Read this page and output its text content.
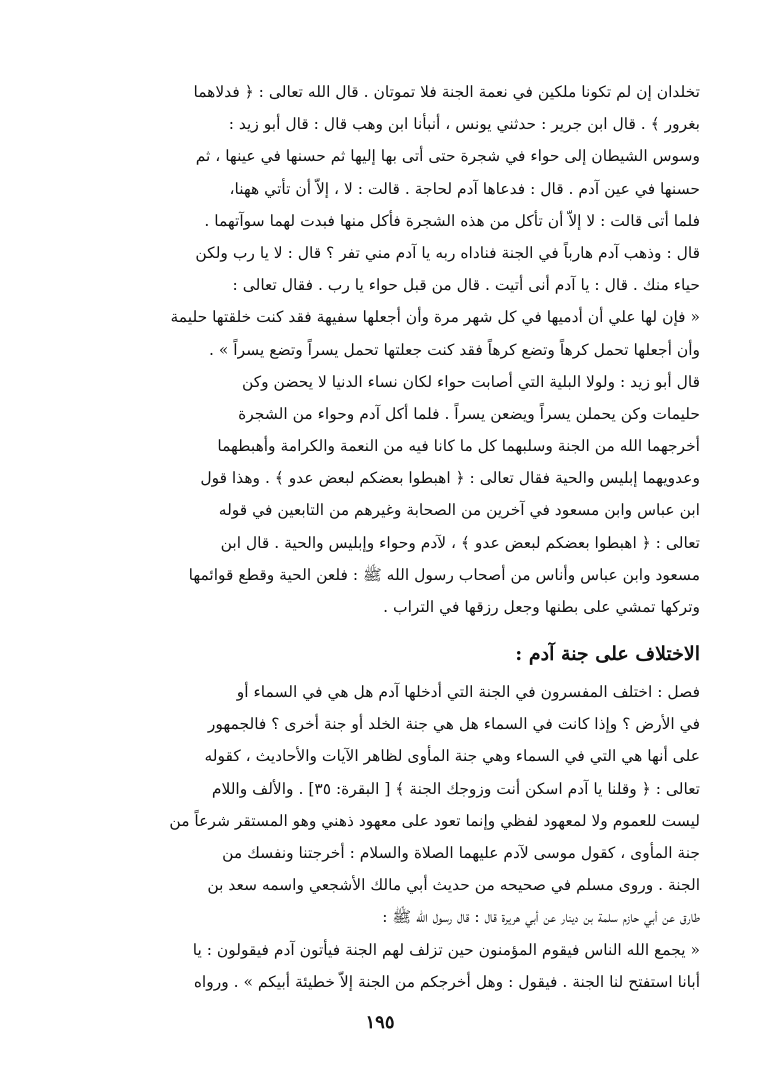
تخلدان إن لم تكونا ملكين في نعمة الجنة فلا تموتان . قال الله تعالى : ﴿ فدلاهما
بغرور ﴾ . قال ابن جرير : حدثني يونس ، أنبأنا ابن وهب قال : قال أبو زيد :
وسوس الشيطان إلى حواء في شجرة حتى أتى بها إليها ثم حسنها في عينها ، ثم
حسنها في عين آدم . قال : فدعاها آدم لحاجة . قالت : لا ، إلاّ أن تأتي ههنا،
فلما أتى قالت : لا إلاّ أن تأكل من هذه الشجرة فأكل منها فبدت لهما سوآتهما .
قال : وذهب آدم هارباً في الجنة فناداه ربه يا آدم مني تفر ؟ قال : لا يا رب ولكن
حياء منك . قال : يا آدم أنى أتيت . قال من قبل حواء يا رب . فقال تعالى :
« فإن لها علي أن أدميها في كل شهر مرة وأن أجعلها سفيهة فقد كنت خلقتها حليمة
وأن أجعلها تحمل كرهاً وتضع كرهاً فقد كنت جعلتها تحمل يسراً وتضع يسراً » .
قال أبو زيد : ولولا البلية التي أصابت حواء لكان نساء الدنيا لا يحضن وكن
حليمات وكن يحملن يسراً ويضعن يسراً . فلما أكل آدم وحواء من الشجرة
أخرجهما الله من الجنة وسلبهما كل ما كانا فيه من النعمة والكرامة وأهبطهما
وعدويهما إبليس والحية فقال تعالى : ﴿ اهبطوا بعضكم لبعض عدو ﴾ . وهذا قول
ابن عباس وابن مسعود في آخرين من الصحابة وغيرهم من التابعين في قوله
تعالى : ﴿ اهبطوا بعضكم لبعض عدو ﴾ ، لآدم وحواء وإبليس والحية . قال ابن
مسعود وابن عباس وأناس من أصحاب رسول الله ﷺ : فلعن الحية وقطع قوائمها
وتركها تمشي على بطنها وجعل رزقها في التراب .
الاختلاف على جنة آدم :
فصل : اختلف المفسرون في الجنة التي أدخلها آدم هل هي في السماء أو
في الأرض ؟ وإذا كانت في السماء هل هي جنة الخلد أو جنة أخرى ؟ فالجمهور
على أنها هي التي في السماء وهي جنة المأوى لظاهر الآيات والأحاديث ، كقوله
تعالى : ﴿ وقلنا يا آدم اسكن أنت وزوجك الجنة ﴾ [ البقرة: ٣٥] . والألف واللام
ليست للعموم ولا لمعهود لفظي وإنما تعود على معهود ذهني وهو المستقر شرعاً من
جنة المأوى ، كقول موسى لآدم عليهما الصلاة والسلام : أخرجتنا ونفسك من
الجنة . وروى مسلم في صحيحه من حديث أبي مالك الأشجعي واسمه سعد بن
طارق عن أبي حازم سلمة بن دينار عن أبي هريرة قال : قال رسول الله ﷺ :
« يجمع الله الناس فيقوم المؤمنون حين تزلف لهم الجنة فيأتون آدم فيقولون : يا
أبانا استفتح لنا الجنة . فيقول : وهل أخرجكم من الجنة إلاّ خطيئة أبيكم » . ورواه
١٩٥
